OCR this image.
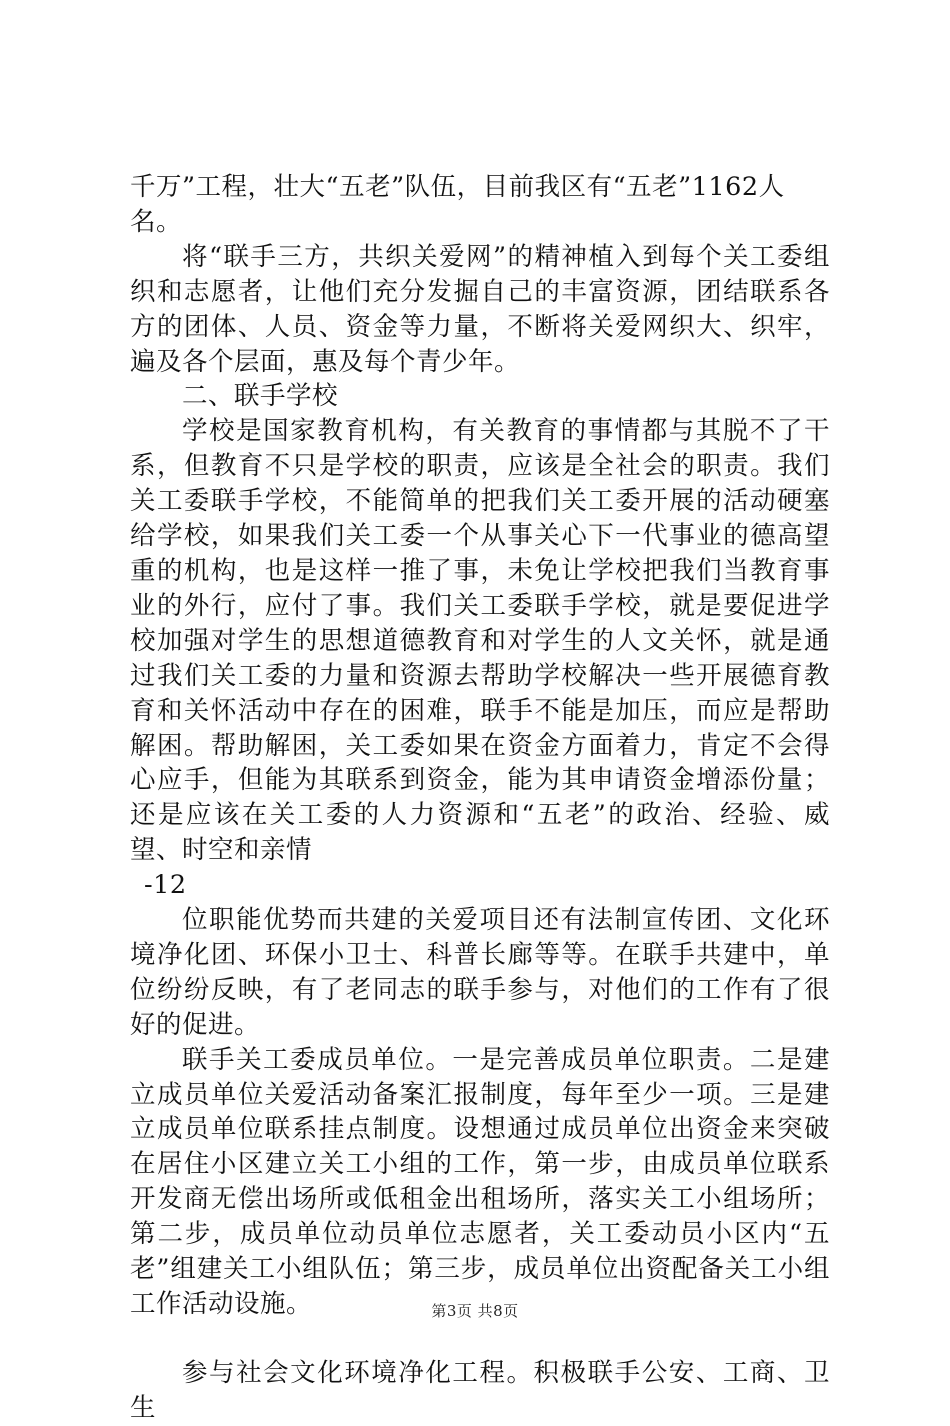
千万”工程，壮大“五老”队伍，目前我区有“五老”1162人名。

将“联手三方，共织关爱网”的精神植入到每个关工委组织和志愿者，让他们充分发掘自己的丰富资源，团结联系各方的团体、人员、资金等力量，不断将关爱网织大、织牢，遍及各个层面，惠及每个青少年。

二、联手学校

学校是国家教育机构，有关教育的事情都与其脱不了干系，但教育不只是学校的职责，应该是全社会的职责。我们关工委联手学校，不能简单的把我们关工委开展的活动硬塞给学校，如果我们关工委一个从事关心下一代事业的德高望重的机构，也是这样一推了事，未免让学校把我们当教育事业的外行，应付了事。我们关工委联手学校，就是要促进学校加强对学生的思想道德教育和对学生的人文关怀，就是通过我们关工委的力量和资源去帮助学校解决一些开展德育教育和关怀活动中存在的困难，联手不能是加压，而应是帮助解困。帮助解困，关工委如果在资金方面着力，肯定不会得心应手，但能为其联系到资金，能为其申请资金增添份量；还是应该在关工委的人力资源和“五老”的政治、经验、威望、时空和亲情

-12

位职能优势而共建的关爱项目还有法制宣传团、文化环境净化团、环保小卫士、科普长廊等等。在联手共建中，单位纷纷反映，有了老同志的联手参与，对他们的工作有了很好的促进。

联手关工委成员单位。一是完善成员单位职责。二是建立成员单位关爱活动备案汇报制度，每年至少一项。三是建立成员单位联系挂点制度。设想通过成员单位出资金来突破在居住小区建立关工小组的工作，第一步，由成员单位联系开发商无偿出场所或低租金出租场所，落实关工小组场所；第二步，成员单位动员单位志愿者，关工委动员小区内“五老”组建关工小组队伍；第三步，成员单位出资配备关工小组工作活动设施。

参与社会文化环境净化工程。积极联手公安、工商、卫生

第3页 共8页
